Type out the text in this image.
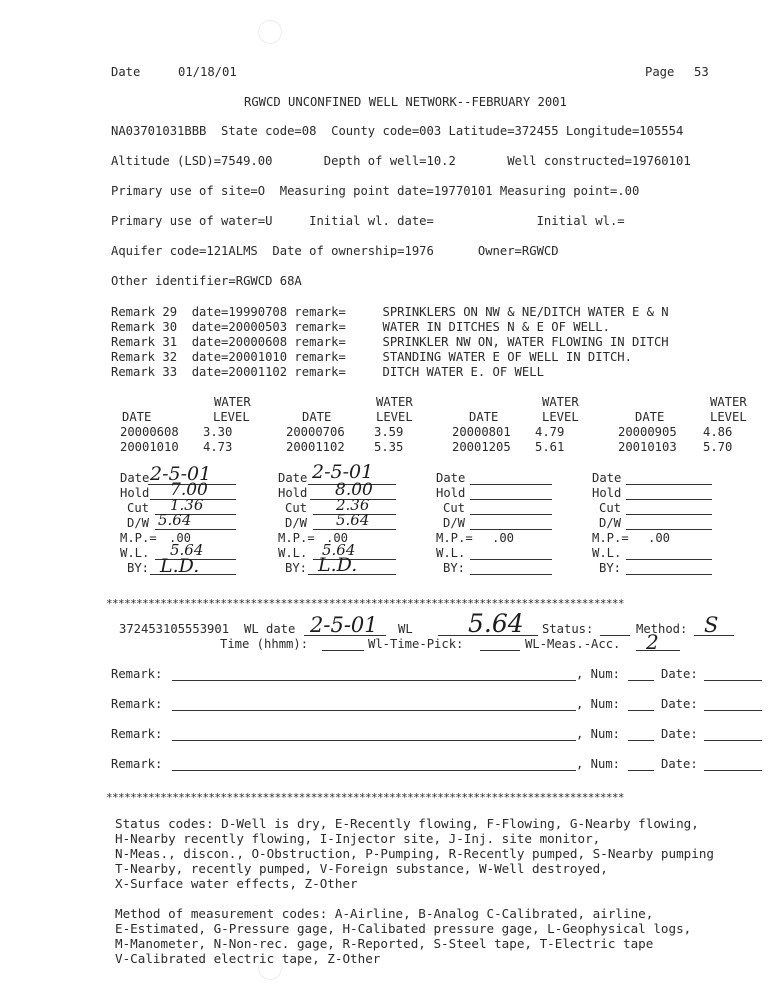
Date	01/18/01	Page 53
RGWCD UNCONFINED WELL NETWORK--FEBRUARY 2001
NA03701031BBB  State code=08  County code=003 Latitude=372455 Longitude=105554
Altitude (LSD)=7549.00       Depth of well=10.2       Well constructed=19760101
Primary use of site=O  Measuring point date=19770101 Measuring point=.00
Primary use of water=U     Initial wl. date=              Initial wl.=
Aquifer code=121ALMS  Date of ownership=1976      Owner=RGWCD
Other identifier=RGWCD 68A
Remark 29  date=19990708 remark=     SPRINKLERS ON NW & NE/DITCH WATER E & N
Remark 30  date=20000503 remark=     WATER IN DITCHES N & E OF WELL.
Remark 31  date=20000608 remark=     SPRINKLER NW ON, WATER FLOWING IN DITCH
Remark 32  date=20001010 remark=     STANDING WATER E OF WELL IN DITCH.
Remark 33  date=20001102 remark=     DITCH WATER E. OF WELL
WATER	WATER	WATER	WATER
DATE	LEVEL	DATE	LEVEL	DATE	LEVEL	DATE	LEVEL
20000608 3.30	20000706 3.59	20000801 4.79	20000905 4.86
20001010 4.73	20001102 5.35	20001205 5.61	20010103 5.70
Date 2-5-01
Hold 7.00
Cut 1.36
D/W 5.64
M.P.= .00
W.L. 5.64
BY: L.D.
Date 2-5-01
Hold 8.00
Cut 2.36
D/W 5.64
M.P.= .00
W.L. 5.64
BY: L.D.
Date
Hold
Cut
D/W
M.P.= .00
W.L.
BY:
Date
Hold
Cut
D/W
M.P.= .00
W.L.
BY:
**************************************************************************************
372453105553901 WL date 2-5-01 WL 5.64 Status:	Method: S
Time (hhmm):	Wl-Time-Pick:	WL-Meas.-Acc. 2
Remark:	, Num:	Date:
Remark:	, Num:	Date:
Remark:	, Num:	Date:
Remark:	, Num:	Date:
**************************************************************************************
Status codes: D-Well is dry, E-Recently flowing, F-Flowing, G-Nearby flowing,
H-Nearby recently flowing, I-Injector site, J-Inj. site monitor,
N-Meas., discon., O-Obstruction, P-Pumping, R-Recently pumped, S-Nearby pumping
T-Nearby, recently pumped, V-Foreign substance, W-Well destroyed,
X-Surface water effects, Z-Other
Method of measurement codes: A-Airline, B-Analog C-Calibrated, airline,
E-Estimated, G-Pressure gage, H-Calibated pressure gage, L-Geophysical logs,
M-Manometer, N-Non-rec. gage, R-Reported, S-Steel tape, T-Electric tape
V-Calibrated electric tape, Z-Other
